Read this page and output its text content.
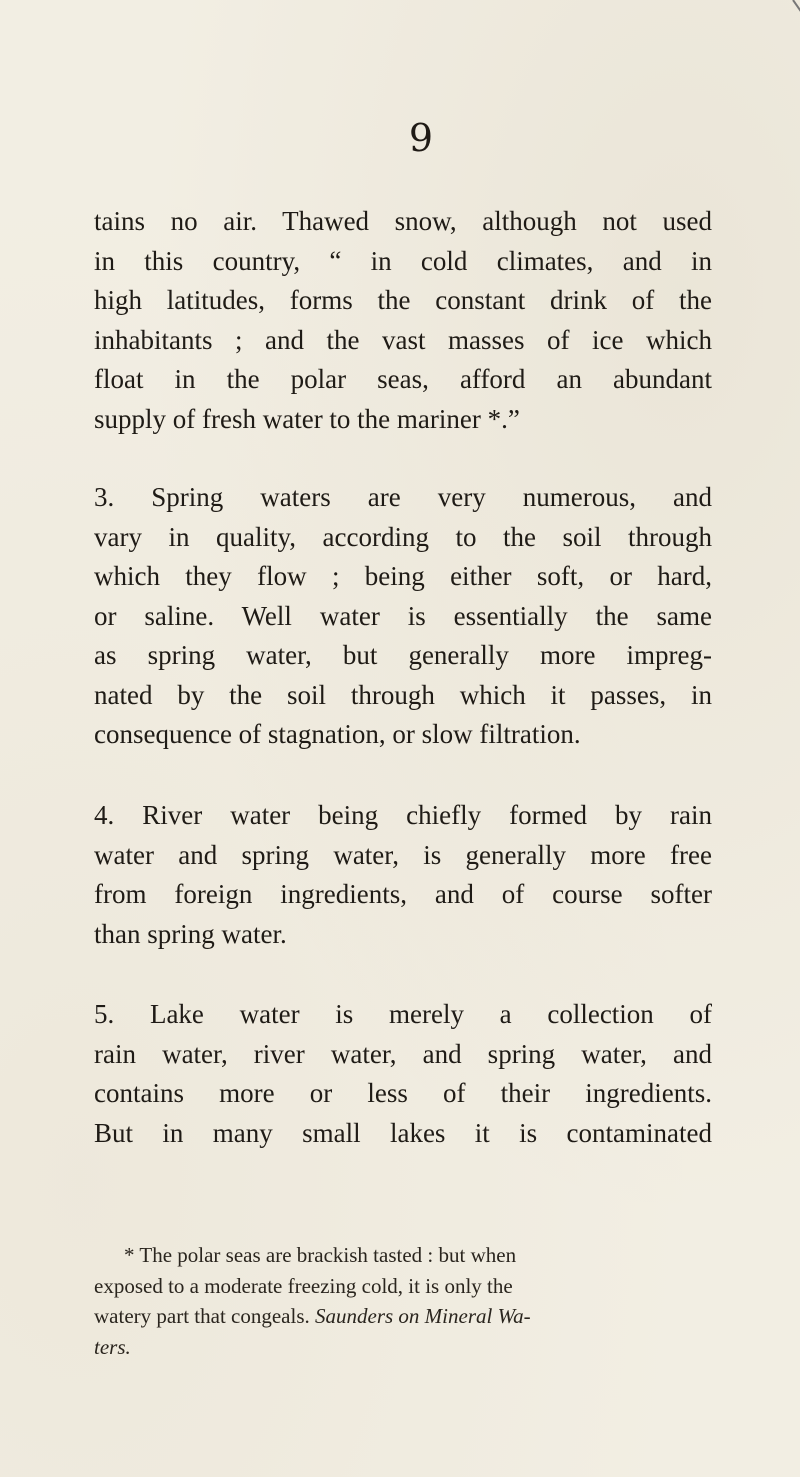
9
tains no air. Thawed snow, although not used
in this country, “ in cold climates, and in
high latitudes, forms the constant drink of the
inhabitants ; and the vast masses of ice which
float in the polar seas, afford an abundant
supply of fresh water to the mariner *.”
3. Spring waters are very numerous, and
vary in quality, according to the soil through
which they flow ; being either soft, or hard,
or saline. Well water is essentially the same
as spring water, but generally more impreg-
nated by the soil through which it passes, in
consequence of stagnation, or slow filtration.
4. River water being chiefly formed by rain
water and spring water, is generally more free
from foreign ingredients, and of course softer
than spring water.
5. Lake water is merely a collection of
rain water, river water, and spring water, and
contains more or less of their ingredients.
But in many small lakes it is contaminated
* The polar seas are brackish tasted : but when
exposed to a moderate freezing cold, it is only the
watery part that congeals. Saunders on Mineral Wa-
ters.
